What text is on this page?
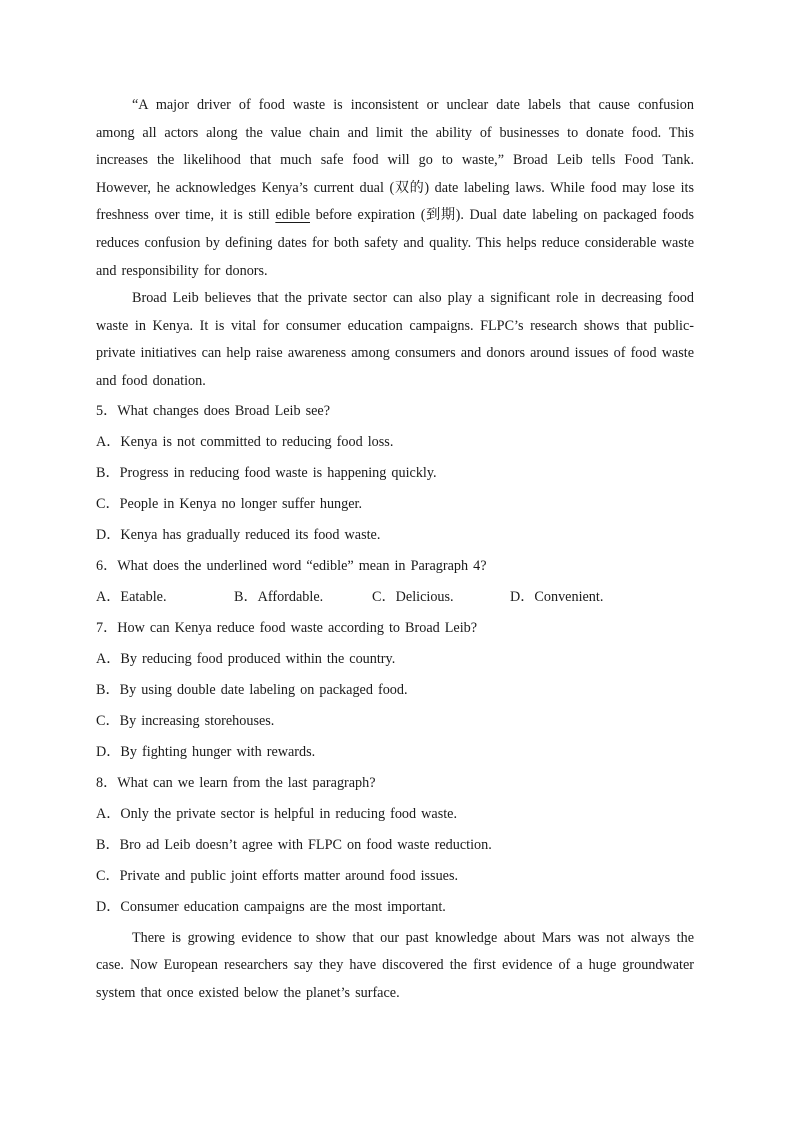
“A major driver of food waste is inconsistent or unclear date labels that cause confusion among all actors along the value chain and limit the ability of businesses to donate food. This increases the likelihood that much safe food will go to waste,” Broad Leib tells Food Tank. However, he acknowledges Kenya’s current dual (双的) date labeling laws. While food may lose its freshness over time, it is still edible before expiration (到期). Dual date labeling on packaged foods reduces confusion by defining dates for both safety and quality. This helps reduce considerable waste and responsibility for donors.

Broad Leib believes that the private sector can also play a significant role in decreasing food waste in Kenya. It is vital for consumer education campaigns. FLPC’s research shows that public-private initiatives can help raise awareness among consumers and donors around issues of food waste and food donation.

5．What changes does Broad Leib see?

A．Kenya is not committed to reducing food loss.

B．Progress in reducing food waste is happening quickly.

C．People in Kenya no longer suffer hunger.

D．Kenya has gradually reduced its food waste.

6．What does the underlined word “edible” mean in Paragraph 4?

A．Eatable.	B．Affordable.	C．Delicious.	D．Convenient.

7．How can Kenya reduce food waste according to Broad Leib?

A．By reducing food produced within the country.

B．By using double date labeling on packaged food.

C．By increasing storehouses.

D．By fighting hunger with rewards.

8．What can we learn from the last paragraph?

A．Only the private sector is helpful in reducing food waste.

B．Bro ad Leib doesn’t agree with FLPC on food waste reduction.

C．Private and public joint efforts matter around food issues.

D．Consumer education campaigns are the most important.

There is growing evidence to show that our past knowledge about Mars was not always the case. Now European researchers say they have discovered the first evidence of a huge groundwater system that once existed below the planet’s surface.
